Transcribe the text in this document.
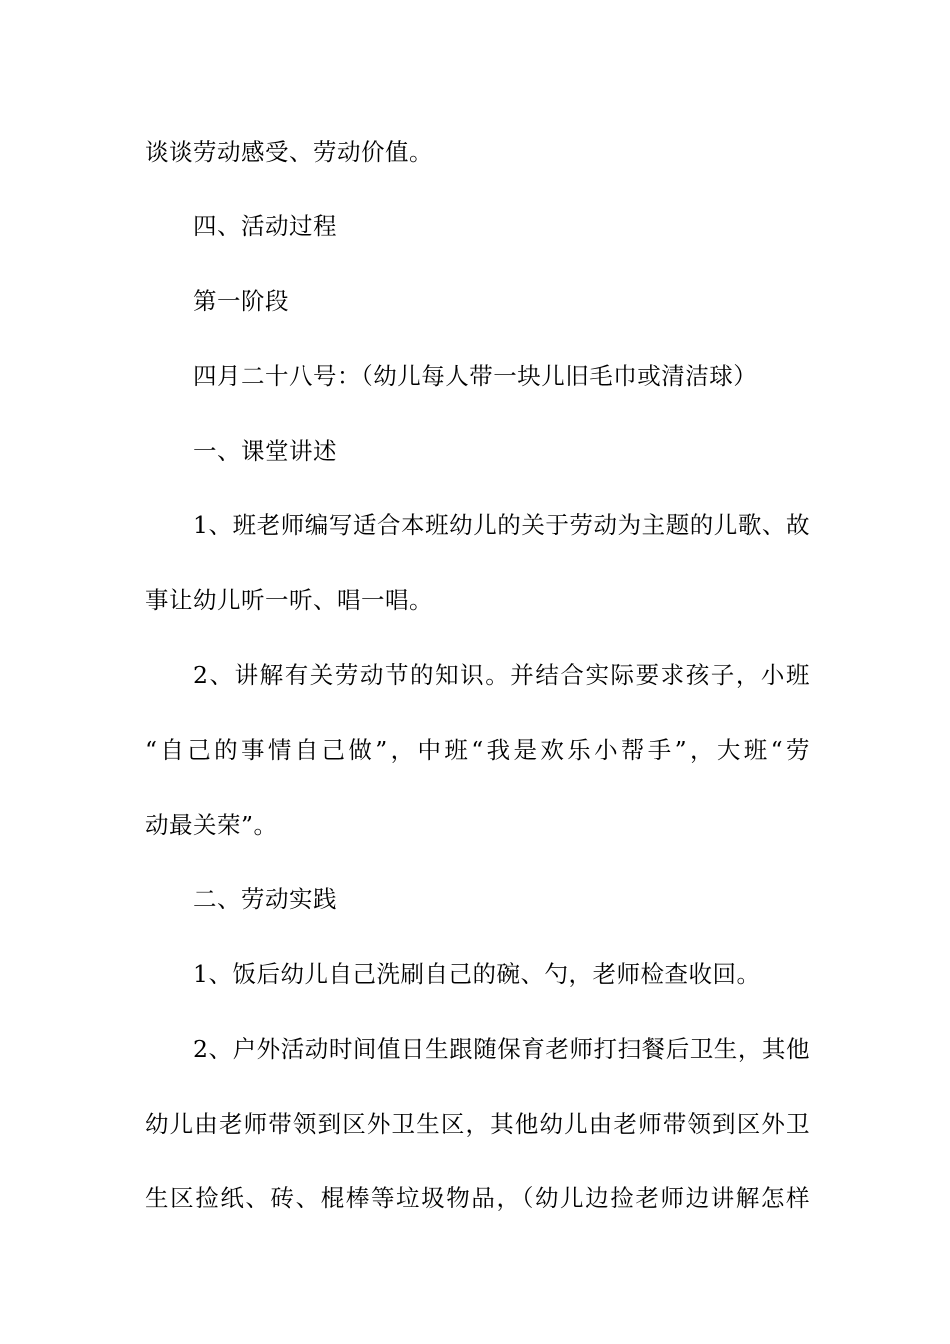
谈谈劳动感受、劳动价值。
四、活动过程
第一阶段
四月二十八号：（幼儿每人带一块儿旧毛巾或清洁球）
一、课堂讲述
1、班老师编写适合本班幼儿的关于劳动为主题的儿歌、故
事让幼儿听一听、唱一唱。
2、讲解有关劳动节的知识。并结合实际要求孩子，小班
“自己的事情自己做”，中班“我是欢乐小帮手”，大班“劳
动最关荣”。
二、劳动实践
1、饭后幼儿自己洗刷自己的碗、勺，老师检查收回。
2、户外活动时间值日生跟随保育老师打扫餐后卫生，其他
幼儿由老师带领到区外卫生区，其他幼儿由老师带领到区外卫
生区捡纸、砖、棍棒等垃圾物品，（幼儿边捡老师边讲解怎样
